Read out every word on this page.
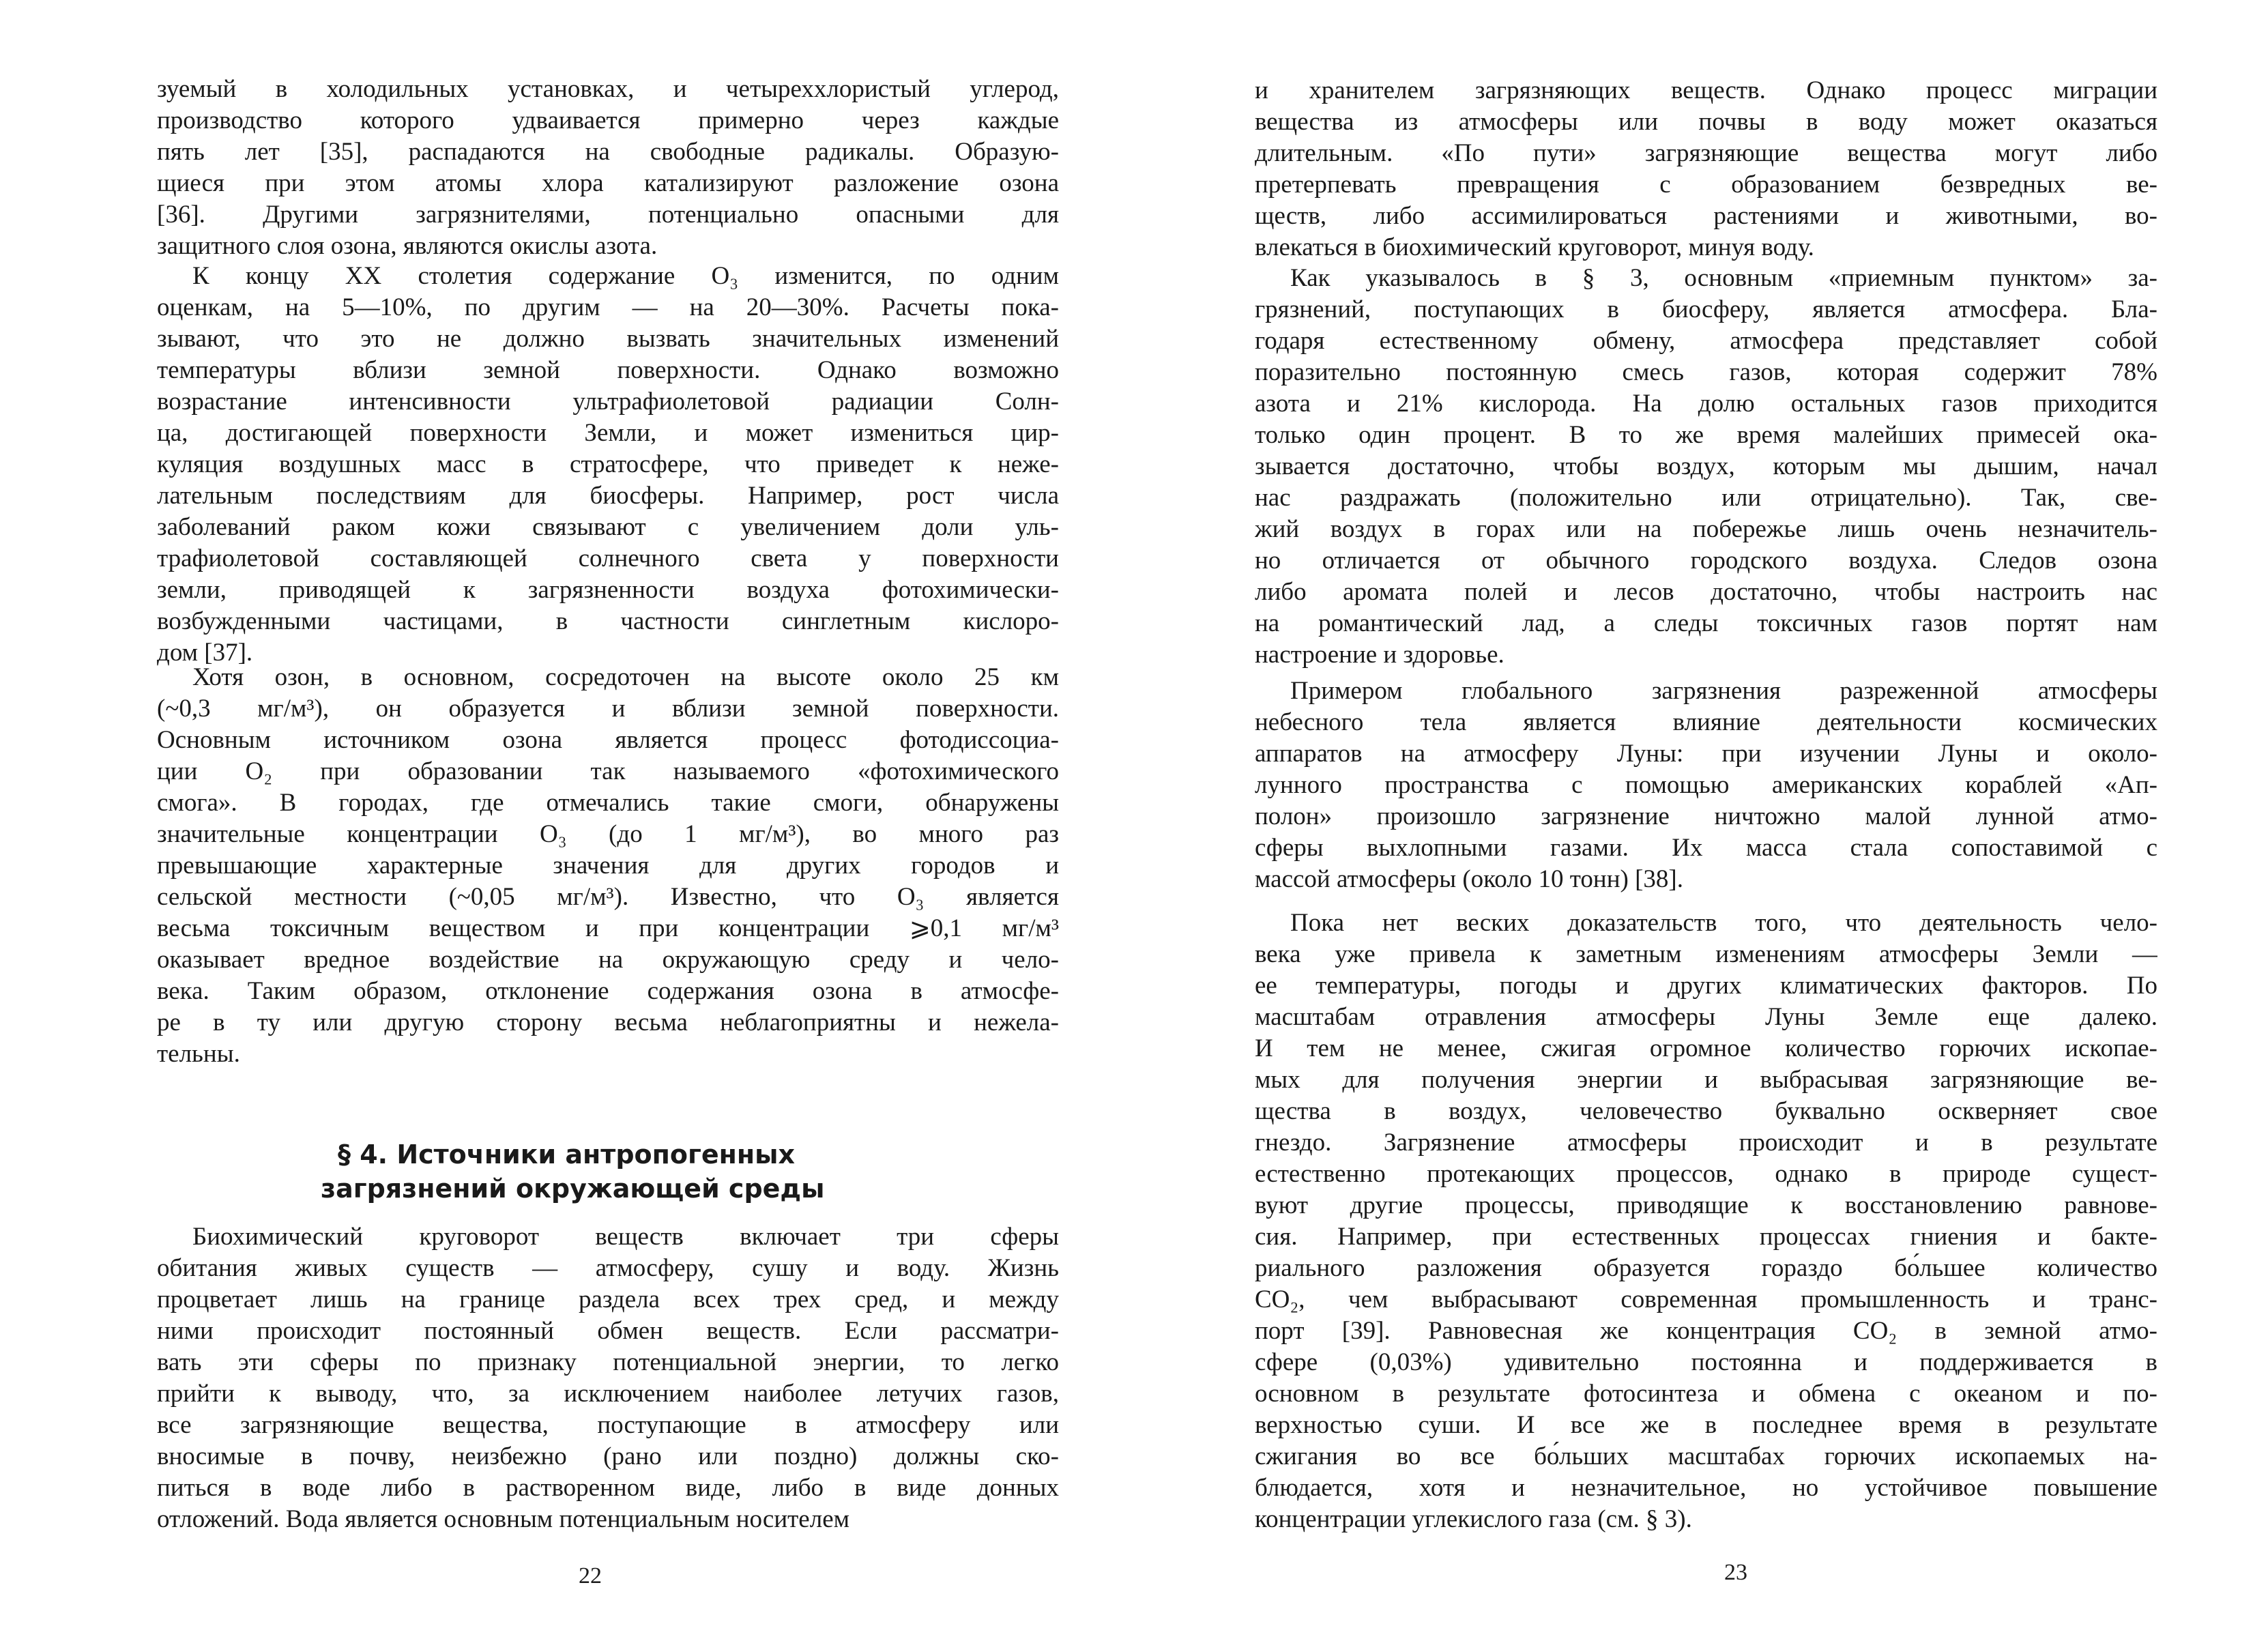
зуемый в холодильных установках, и четыреххлористый углерод,
производство которого удваивается примерно через каждые
пять лет [35], распадаются на свободные радикалы. Образую-
щиеся при этом атомы хлора катализируют разложение озона
[36]. Другими загрязнителями, потенциально опасными для
защитного слоя озона, являются окислы азота.
К концу XX столетия содержание O₃ изменится, по одним
оценкам, на 5—10%, по другим — на 20—30%. Расчеты пока-
зывают, что это не должно вызвать значительных изменений
температуры вблизи земной поверхности. Однако возможно
возрастание интенсивности ультрафиолетовой радиации Солн-
ца, достигающей поверхности Земли, и может измениться цир-
куляция воздушных масс в стратосфере, что приведет к неже-
лательным последствиям для биосферы. Например, рост числа
заболеваний раком кожи связывают с увеличением доли уль-
трафиолетовой составляющей солнечного света у поверхности
земли, приводящей к загрязненности воздуха фотохимически-
возбужденными частицами, в частности синглетным кислоро-
дом [37].
Хотя озон, в основном, сосредоточен на высоте около 25 км
(~0,3 мг/м³), он образуется и вблизи земной поверхности.
Основным источником озона является процесс фотодиссоциа-
ции O₂ при образовании так называемого «фотохимического
смога». В городах, где отмечались такие смоги, обнаружены
значительные концентрации O₃ (до 1 мг/м³), во много раз
превышающие характерные значения для других городов и
сельской местности (~0,05 мг/м³). Известно, что O₃ является
весьма токсичным веществом и при концентрации ⩾0,1 мг/м³
оказывает вредное воздействие на окружающую среду и чело-
века. Таким образом, отклонение содержания озона в атмосфе-
ре в ту или другую сторону весьма неблагоприятны и нежела-
тельны.
§ 4. Источники антропогенных
загрязнений окружающей среды
Биохимический круговорот веществ включает три сферы
обитания живых существ — атмосферу, сушу и воду. Жизнь
процветает лишь на границе раздела всех трех сред, и между
ними происходит постоянный обмен веществ. Если рассматри-
вать эти сферы по признаку потенциальной энергии, то легко
прийти к выводу, что, за исключением наиболее летучих газов,
все загрязняющие вещества, поступающие в атмосферу или
вносимые в почву, неизбежно (рано или поздно) должны ско-
питься в воде либо в растворенном виде, либо в виде донных
отложений. Вода является основным потенциальным носителем
22
и хранителем загрязняющих веществ. Однако процесс миграции
вещества из атмосферы или почвы в воду может оказаться
длительным. «По пути» загрязняющие вещества могут либо
претерпевать превращения с образованием безвредных ве-
ществ, либо ассимилироваться растениями и животными, во-
влекаться в биохимический круговорот, минуя воду.
Как указывалось в § 3, основным «приемным пунктом» за-
грязнений, поступающих в биосферу, является атмосфера. Бла-
годаря естественному обмену, атмосфера представляет собой
поразительно постоянную смесь газов, которая содержит 78%
азота и 21% кислорода. На долю остальных газов приходится
только один процент. В то же время малейших примесей ока-
зывается достаточно, чтобы воздух, которым мы дышим, начал
нас раздражать (положительно или отрицательно). Так, све-
жий воздух в горах или на побережье лишь очень незначитель-
но отличается от обычного городского воздуха. Следов озона
либо аромата полей и лесов достаточно, чтобы настроить нас
на романтический лад, а следы токсичных газов портят нам
настроение и здоровье.
Примером глобального загрязнения разреженной атмосферы
небесного тела является влияние деятельности космических
аппаратов на атмосферу Луны: при изучении Луны и около-
лунного пространства с помощью американских кораблей «Ап-
полон» произошло загрязнение ничтожно малой лунной атмо-
сферы выхлопными газами. Их масса стала сопоставимой с
массой атмосферы (около 10 тонн) [38].
Пока нет веских доказательств того, что деятельность чело-
века уже привела к заметным изменениям атмосферы Земли —
ее температуры, погоды и других климатических факторов. По
масштабам отравления атмосферы Луны Земле еще далеко.
И тем не менее, сжигая огромное количество горючих ископае-
мых для получения энергии и выбрасывая загрязняющие ве-
щества в воздух, человечество буквально оскверняет свое
гнездо. Загрязнение атмосферы происходит и в результате
естественно протекающих процессов, однако в природе сущест-
вуют другие процессы, приводящие к восстановлению равнове-
сия. Например, при естественных процессах гниения и бакте-
риального разложения образуется гораздо бо́льшее количество
CO₂, чем выбрасывают современная промышленность и транс-
порт [39]. Равновесная же концентрация CO₂ в земной атмо-
сфере (0,03%) удивительно постоянна и поддерживается в
основном в результате фотосинтеза и обмена с океаном и по-
верхностью суши. И все же в последнее время в результате
сжигания во все бо́льших масштабах горючих ископаемых на-
блюдается, хотя и незначительное, но устойчивое повышение
концентрации углекислого газа (см. § 3).
23
